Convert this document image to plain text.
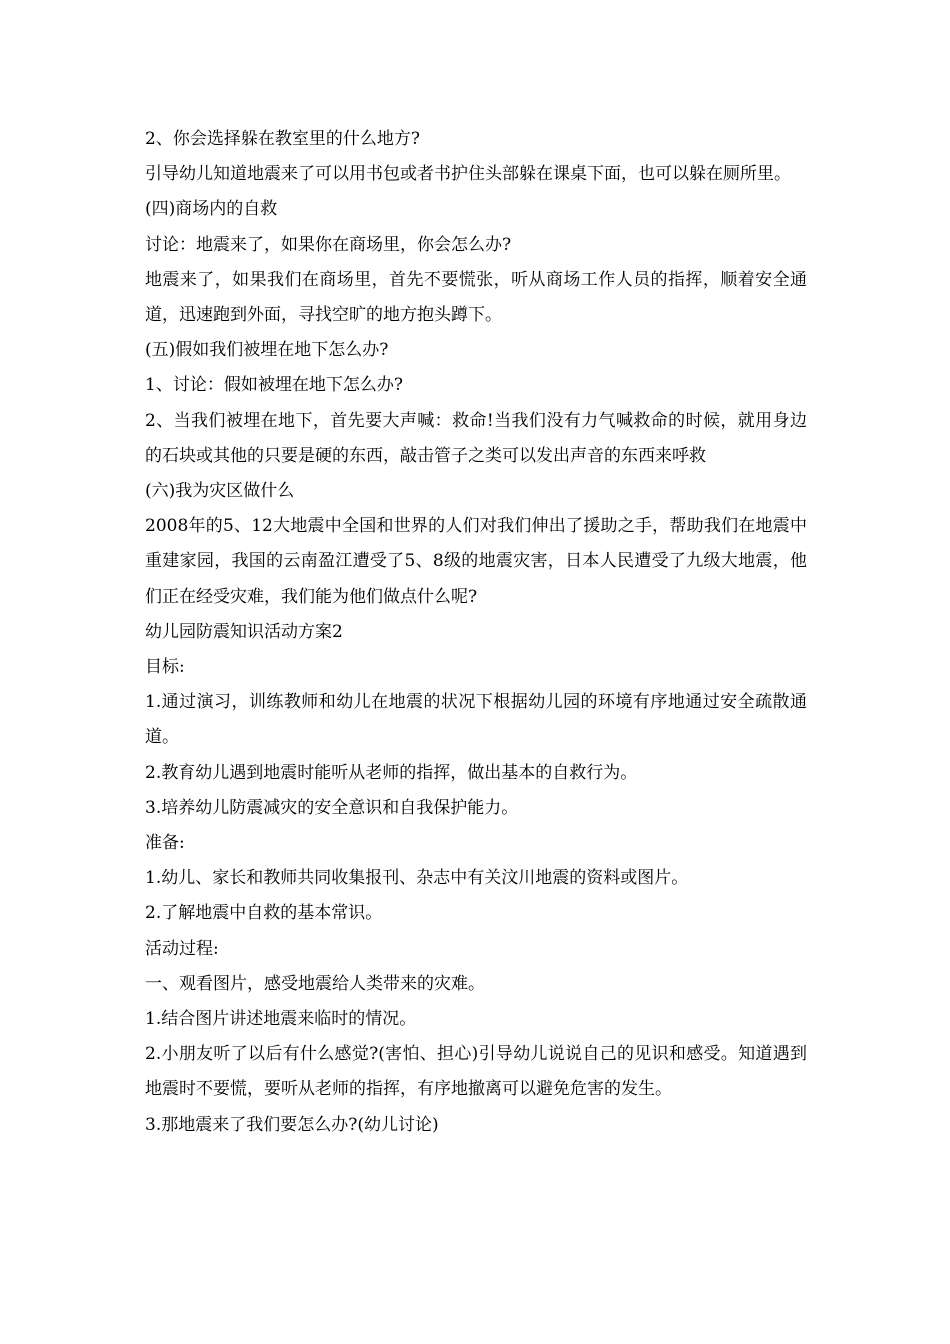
2、你会选择躲在教室里的什么地方?

引导幼儿知道地震来了可以用书包或者书护住头部躲在课桌下面，也可以躲在厕所里。

(四)商场内的自救

讨论：地震来了，如果你在商场里，你会怎么办?

地震来了，如果我们在商场里，首先不要慌张，听从商场工作人员的指挥，顺着安全通道，迅速跑到外面，寻找空旷的地方抱头蹲下。

(五)假如我们被埋在地下怎么办?

1、讨论：假如被埋在地下怎么办?

2、当我们被埋在地下，首先要大声喊：救命!当我们没有力气喊救命的时候，就用身边的石块或其他的只要是硬的东西，敲击管子之类可以发出声音的东西来呼救

(六)我为灾区做什么

2008年的5、12大地震中全国和世界的人们对我们伸出了援助之手，帮助我们在地震中重建家园，我国的云南盈江遭受了5、8级的地震灾害，日本人民遭受了九级大地震，他们正在经受灾难，我们能为他们做点什么呢?

幼儿园防震知识活动方案2

目标:

1.通过演习，训练教师和幼儿在地震的状况下根据幼儿园的环境有序地通过安全疏散通道。

2.教育幼儿遇到地震时能听从老师的指挥，做出基本的自救行为。

3.培养幼儿防震减灾的安全意识和自我保护能力。

准备:

1.幼儿、家长和教师共同收集报刊、杂志中有关汶川地震的资料或图片。

2.了解地震中自救的基本常识。

活动过程:

一、观看图片，感受地震给人类带来的灾难。

1.结合图片讲述地震来临时的情况。

2.小朋友听了以后有什么感觉?(害怕、担心)引导幼儿说说自己的见识和感受。知道遇到地震时不要慌，要听从老师的指挥，有序地撤离可以避免危害的发生。

3.那地震来了我们要怎么办?(幼儿讨论)
